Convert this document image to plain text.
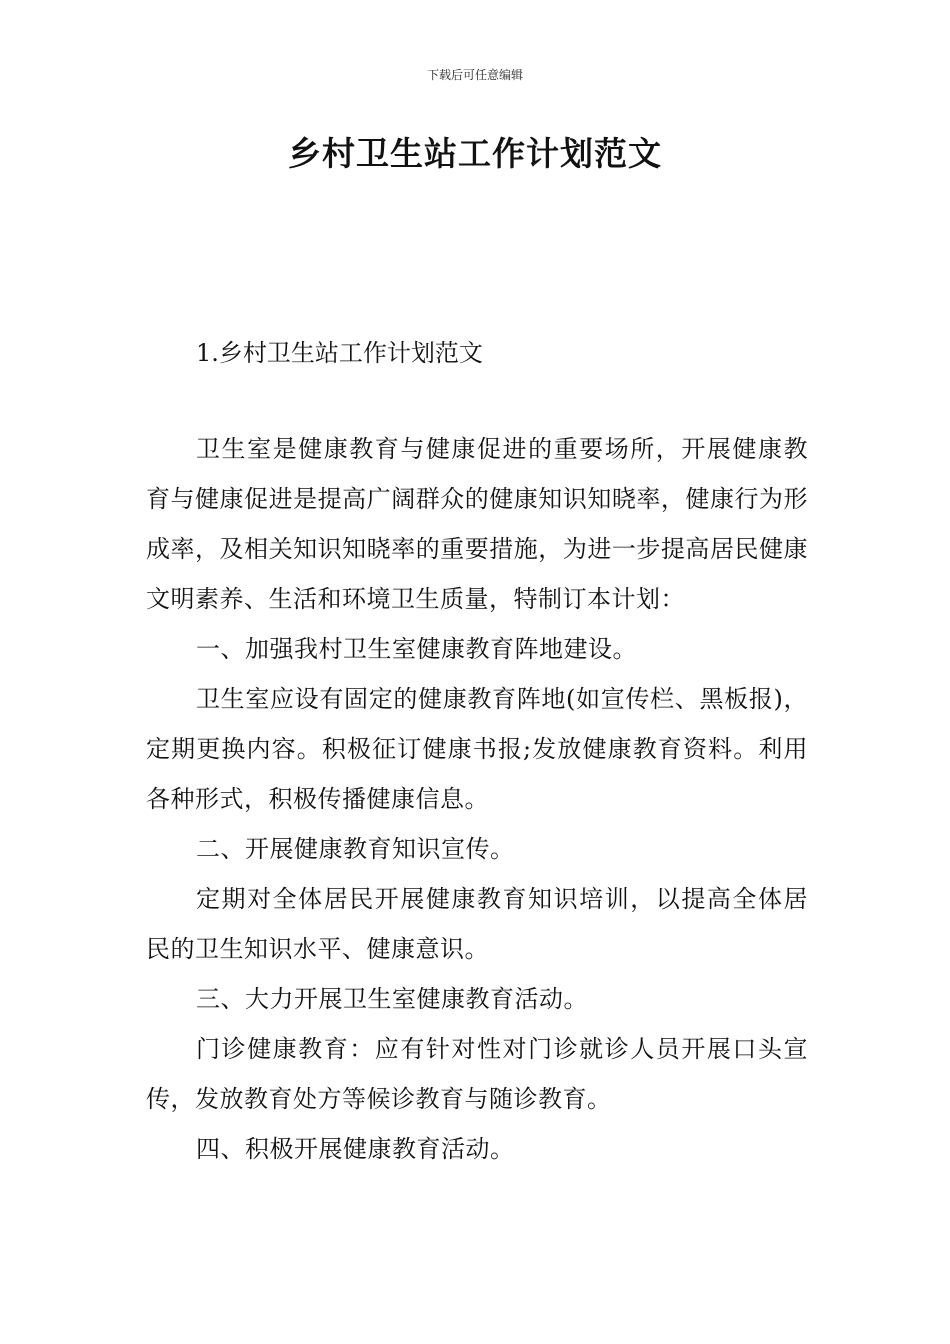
下载后可任意编辑
乡村卫生站工作计划范文
1.乡村卫生站工作计划范文

卫生室是健康教育与健康促进的重要场所，开展健康教育与健康促进是提高广阔群众的健康知识知晓率，健康行为形成率，及相关知识知晓率的重要措施，为进一步提高居民健康文明素养、生活和环境卫生质量，特制订本计划：

一、加强我村卫生室健康教育阵地建设。

卫生室应设有固定的健康教育阵地(如宣传栏、黑板报)，定期更换内容。积极征订健康书报;发放健康教育资料。利用各种形式，积极传播健康信息。

二、开展健康教育知识宣传。

定期对全体居民开展健康教育知识培训，以提高全体居民的卫生知识水平、健康意识。

三、大力开展卫生室健康教育活动。

门诊健康教育：应有针对性对门诊就诊人员开展口头宣传，发放教育处方等候诊教育与随诊教育。

四、积极开展健康教育活动。
